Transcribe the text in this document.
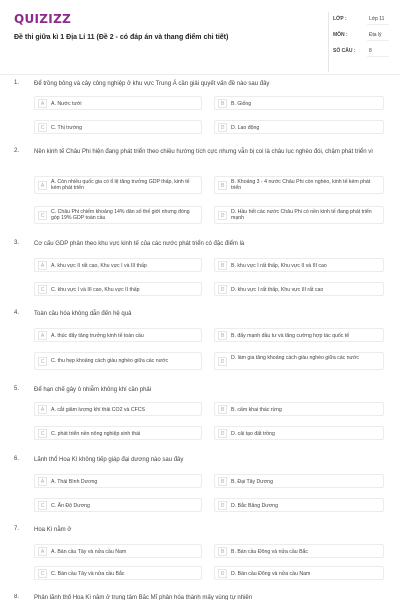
QUIZIZZ
Đề thi giữa kì 1 Địa Lí 11 (Đề 2 - có đáp án và thang điểm chi tiết)
LỚP :	Lớp 11
MÔN :	Địa lý
SỐ CÂU :	8
1. Để trồng bông và cây công nghiệp ở khu vực Trung Á cần giải quyết vấn đề nào sau đây
A	A. Nước tưới	B	B. Giống
C	C. Thị trường	D	D. Lao động
2. Nền kinh tế Châu Phi hiện đang phát triển theo chiều hướng tích cực nhưng vẫn bị coi là châu lục nghèo đói, chậm phát triển vì
A
A. Còn nhiều quốc gia có tỉ lệ tăng trưởng GDP thấp, kinh tế kém phát triển	B
B. Khoảng 3 - 4 nước Châu Phi còn nghèo, kinh tế kém phát triển
C
C. Châu Phi chiếm khoảng 14% dân số thế giới nhưng đóng góp 19% GDP toàn cầu	D
D. Hầu hết các nước Châu Phi có nền kinh tế đang phát triển mạnh
3. Cơ cấu GDP phân theo khu vực kinh tế của các nước phát triển có đặc điểm là
A	A. khu vực II rất cao, Khu vực I và III thấp	B	B. khu vực I rất thấp, Khu vực II và III cao
C	C. khu vực I và III cao, Khu vực II thấp	D	D. khu vực I rất thấp, Khu vực III rất cao
4. Toàn cầu hóa không dẫn đến hệ quả
A	A. thúc đẩy tăng trưởng kinh tế toàn cầu	B	B. đẩy mạnh đầu tư và tăng cường hợp tác quốc tế
C	C. thu hẹp khoảng cách giàu nghèo giữa các nước	D
D. làm gia tăng khoảng cách giàu nghèo giữa các nước
5. Để hạn chế gây ô nhiễm không khí cần phải
A	A. cắt giảm lượng khí thải CO2 và CFCS	B	B. cấm khai thác rừng
C	C. phát triển nền nông nghiệp sinh thái	D	D. cải tạo đất trồng
6. Lãnh thổ Hoa Kì không tiếp giáp đại dương nào sau đây
A	A. Thái Bình Dương	B	B. Đại Tây Dương
C	C. Ấn Độ Dương	D	D. Bắc Băng Dương
7. Hoa Kì nằm ở
A	A. Bán cầu Tây và nửa cầu Nam	B	B. Bán cầu Đông và nửa cầu Bắc
C	C. Bán cầu Tây và nửa cầu Bắc	D	D. Bán cầu Đông và nửa cầu Nam
8. Phân lãnh thổ Hoa Kì nằm ở trung tâm Bắc Mĩ phân hóa thành mấy vùng tự nhiên
